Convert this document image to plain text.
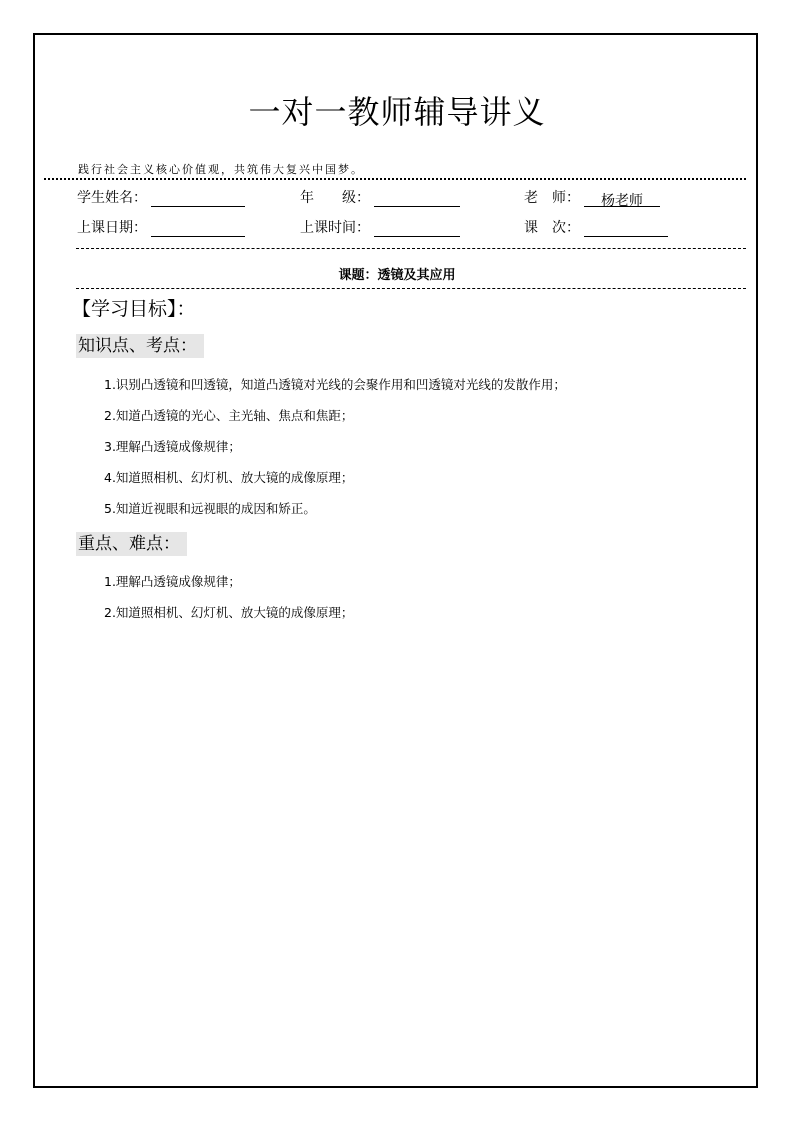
一对一教师辅导讲义
践行社会主义核心价值观，共筑伟大复兴中国梦。
学生姓名：	年　　级：	老　师： 杨老师
上课日期：	上课时间：	课　次：
课题：透镜及其应用
【学习目标】：
知识点、考点：
1.识别凸透镜和凹透镜，知道凸透镜对光线的会聚作用和凹透镜对光线的发散作用；
2.知道凸透镜的光心、主光轴、焦点和焦距；
3.理解凸透镜成像规律；
4.知道照相机、幻灯机、放大镜的成像原理；
5.知道近视眼和远视眼的成因和矫正。
重点、难点：
1.理解凸透镜成像规律；
2.知道照相机、幻灯机、放大镜的成像原理；
